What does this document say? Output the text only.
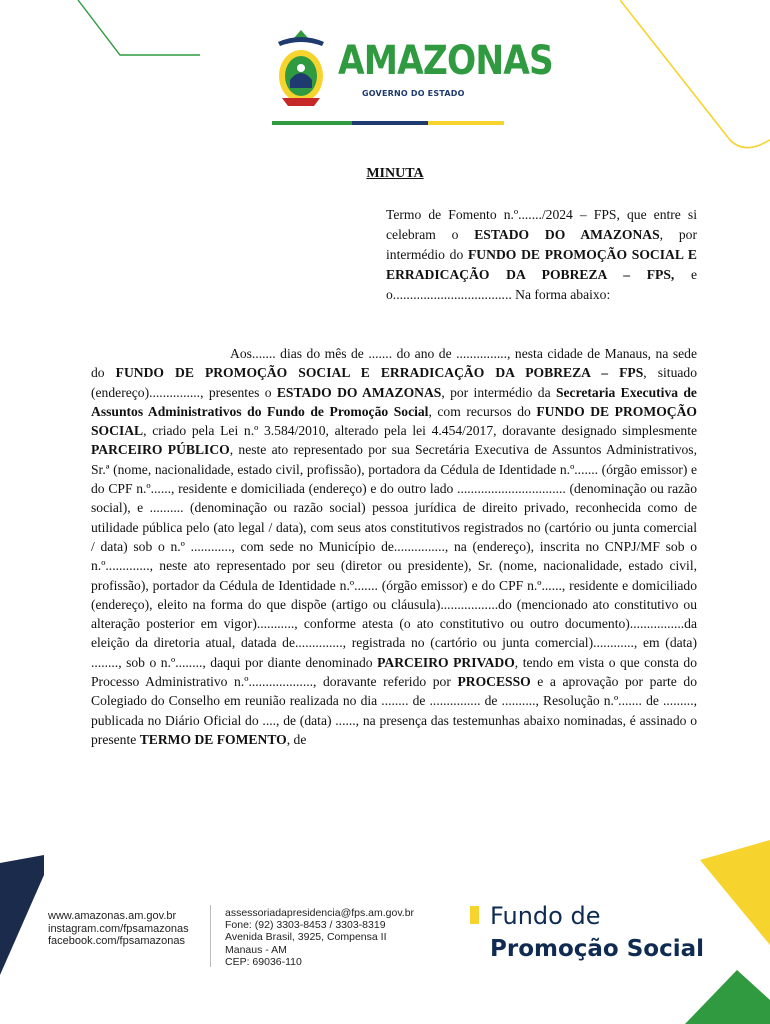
AMAZONAS
GOVERNO DO ESTADO
MINUTA
Termo de Fomento n.º......./2024 – FPS, que entre si celebram o ESTADO DO AMAZONAS, por intermédio do FUNDO DE PROMOÇÃO SOCIAL E ERRADICAÇÃO DA POBREZA – FPS, e o................................... Na forma abaixo:
Aos....... dias do mês de ....... do ano de ..............., nesta cidade de Manaus, na sede do FUNDO DE PROMOÇÃO SOCIAL E ERRADICAÇÃO DA POBREZA – FPS, situado (endereço)..............., presentes o ESTADO DO AMAZONAS, por intermédio da Secretaria Executiva de Assuntos Administrativos do Fundo de Promoção Social, com recursos do FUNDO DE PROMOÇÃO SOCIAL, criado pela Lei n.º 3.584/2010, alterado pela lei 4.454/2017, doravante designado simplesmente PARCEIRO PÚBLICO, neste ato representado por sua Secretária Executiva de Assuntos Administrativos, Sr.ª (nome, nacionalidade, estado civil, profissão), portadora da Cédula de Identidade n.º....... (órgão emissor) e do CPF n.º......, residente e domiciliada (endereço) e do outro lado ................................ (denominação ou razão social), e .......... (denominação ou razão social) pessoa jurídica de direito privado, reconhecida como de utilidade pública pelo (ato legal / data), com seus atos constitutivos registrados no (cartório ou junta comercial / data) sob o n.º ............, com sede no Município de..............., na (endereço), inscrita no CNPJ/MF sob o n.º............., neste ato representado por seu (diretor ou presidente), Sr. (nome, nacionalidade, estado civil, profissão), portador da Cédula de Identidade n.º....... (órgão emissor) e do CPF n.º......, residente e domiciliado (endereço), eleito na forma do que dispõe (artigo ou cláusula).................do (mencionado ato constitutivo ou alteração posterior em vigor)..........., conforme atesta (o ato constitutivo ou outro documento)................da eleição da diretoria atual, datada de.............., registrada no (cartório ou junta comercial)............, em (data) ........, sob o n.º........, daqui por diante denominado PARCEIRO PRIVADO, tendo em vista o que consta do Processo Administrativo n.º..................., doravante referido por PROCESSO e a aprovação por parte do Colegiado do Conselho em reunião realizada no dia ........ de ............... de .........., Resolução n.º....... de ........., publicada no Diário Oficial do ...., de (data) ......, na presença das testemunhas abaixo nominadas, é assinado o presente TERMO DE FOMENTO, de
www.amazonas.am.gov.br
instagram.com/fpsamazonas
facebook.com/fpsamazonas
assessoriadapresidencia@fps.am.gov.br
Fone: (92) 3303-8453 / 3303-8319
Avenida Brasil, 3925, Compensa II
Manaus - AM
CEP: 69036-110
Fundo de
Promoção Social
